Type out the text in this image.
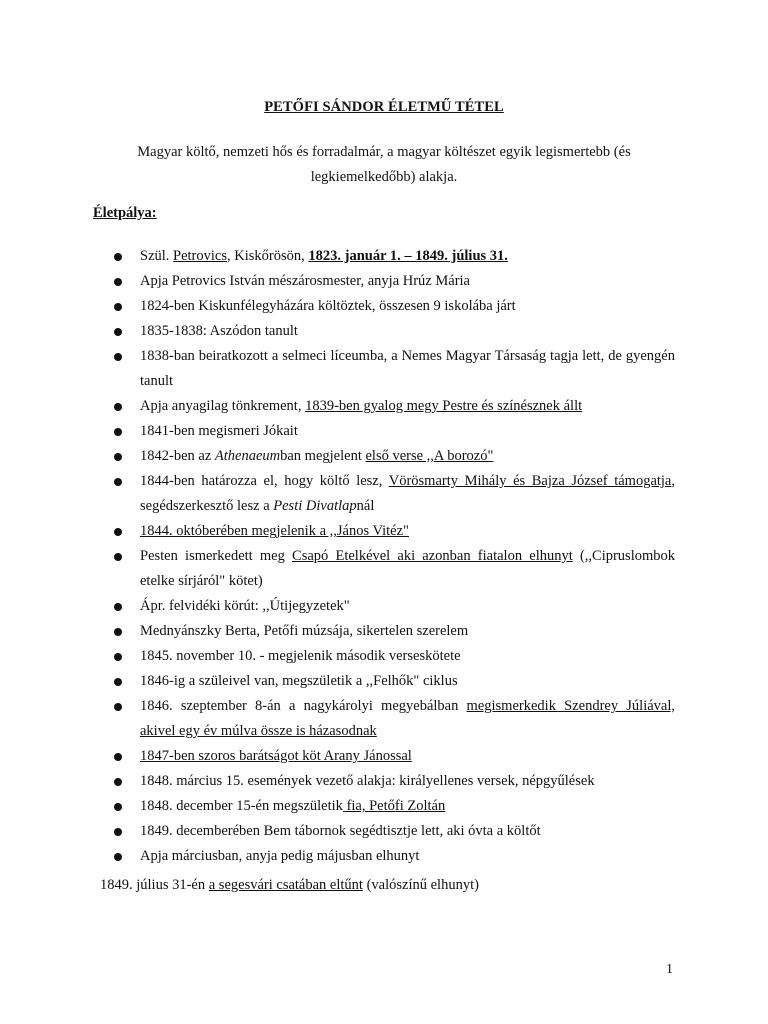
PETŐFI SÁNDOR ÉLETMŰ TÉTEL
Magyar költő, nemzeti hős és forradalmár, a magyar költészet egyik legismertebb (és legkiemelkedőbb) alakja.
Életpálya:
Szül. Petrovics, Kiskőrösön, 1823. január 1. – 1849. július 31.
Apja Petrovics István mészárosmester, anyja Hrúz Mária
1824-ben Kiskunfélegyházára költöztek, összesen 9 iskolába járt
1835-1838: Aszódon tanult
1838-ban beiratkozott a selmeci líceumba, a Nemes Magyar Társaság tagja lett, de gyengén tanult
Apja anyagilag tönkrement, 1839-ben gyalog megy Pestre és színésznek állt
1841-ben megismeri Jókait
1842-ben az Athenaeumban megjelent első verse ,,A borozó"
1844-ben határozza el, hogy költő lesz, Vörösmarty Mihály és Bajza József támogatja, segédszerkesztő lesz a Pesti Divatlapnál
1844. októberében megjelenik a ,,János Vitéz"
Pesten ismerkedett meg Csapó Etelkével aki azonban fiatalon elhunyt (,,Cipruslombok etelke sírjáról" kötet)
Ápr. felvidéki körút: ,,Útijegyzetek"
Mednyánszky Berta, Petőfi múzsája, sikertelen szerelem
1845. november 10. - megjelenik második verseskötete
1846-ig a szüleivel van, megszületik a ,,Felhők" ciklus
1846. szeptember 8-án a nagykárolyi megyebálban megismerkedik Szendrey Júliával, akivel egy év múlva össze is házasodnak
1847-ben szoros barátságot köt Arany Jánossal
1848. március 15. események vezető alakja: királyellenes versek, népgyűlések
1848. december 15-én megszületik fia, Petőfi Zoltán
1849. decemberében Bem tábornok segédtisztje lett, aki óvta a költőt
Apja márciusban, anyja pedig májusban elhunyt
1849. július 31-én a segesvári csatában eltűnt (valószínű elhunyt)
1
